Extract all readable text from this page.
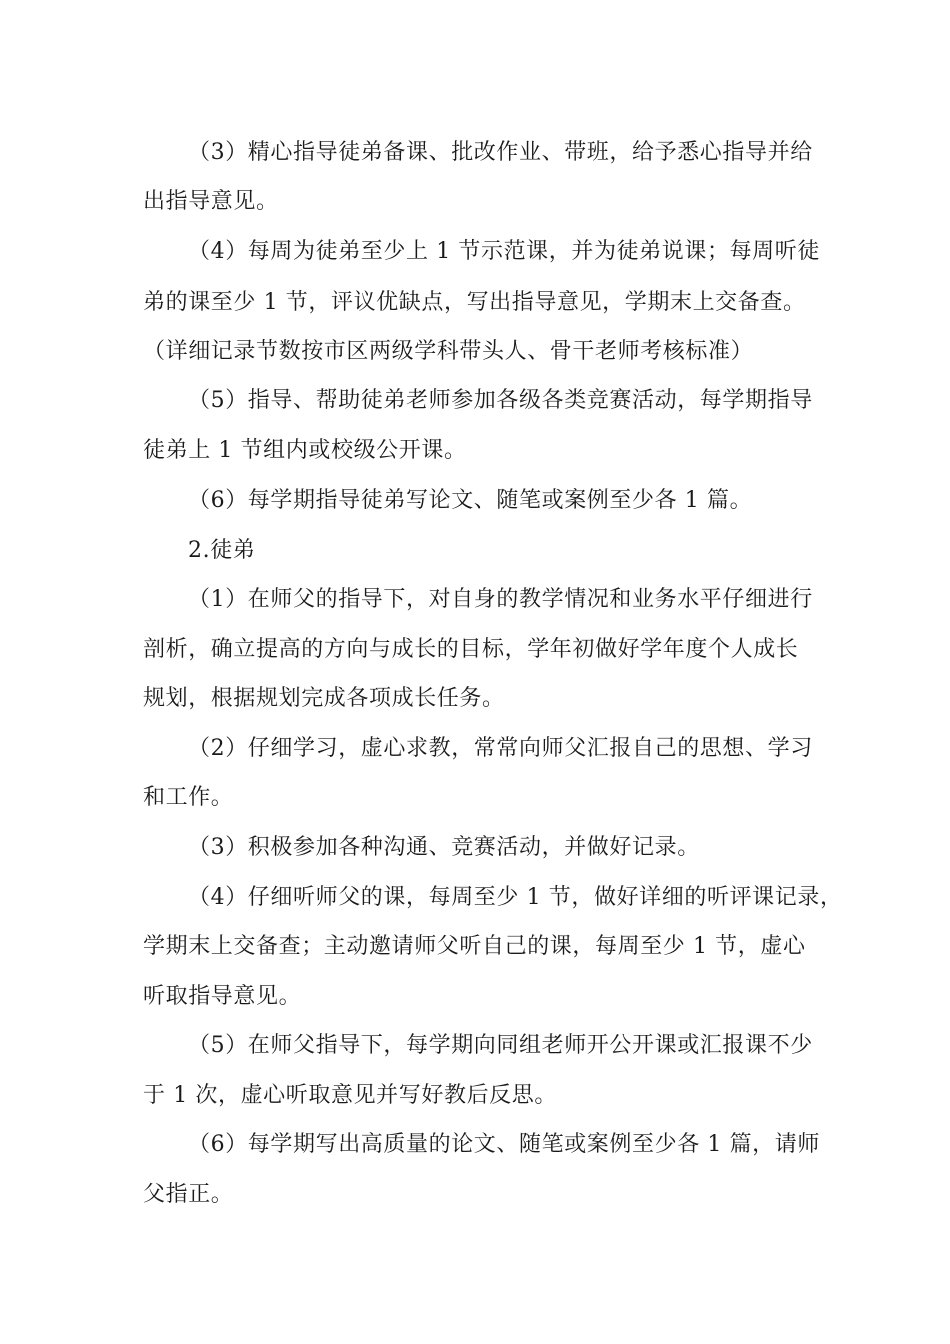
（3）精心指导徒弟备课、批改作业、带班，给予悉心指导并给
出指导意见。
（4）每周为徒弟至少上 1 节示范课，并为徒弟说课；每周听徒
弟的课至少 1 节，评议优缺点，写出指导意见，学期末上交备查。
（详细记录节数按市区两级学科带头人、骨干老师考核标准）
（5）指导、帮助徒弟老师参加各级各类竞赛活动，每学期指导
徒弟上 1 节组内或校级公开课。
（6）每学期指导徒弟写论文、随笔或案例至少各 1 篇。
2.徒弟
（1）在师父的指导下，对自身的教学情况和业务水平仔细进行
剖析，确立提高的方向与成长的目标，学年初做好学年度个人成长
规划，根据规划完成各项成长任务。
（2）仔细学习，虚心求教，常常向师父汇报自己的思想、学习
和工作。
（3）积极参加各种沟通、竞赛活动，并做好记录。
（4）仔细听师父的课，每周至少 1 节，做好详细的听评课记录，
学期末上交备查；主动邀请师父听自己的课，每周至少 1 节，虚心
听取指导意见。
（5）在师父指导下，每学期向同组老师开公开课或汇报课不少
于 1 次，虚心听取意见并写好教后反思。
（6）每学期写出高质量的论文、随笔或案例至少各 1 篇，请师
父指正。
